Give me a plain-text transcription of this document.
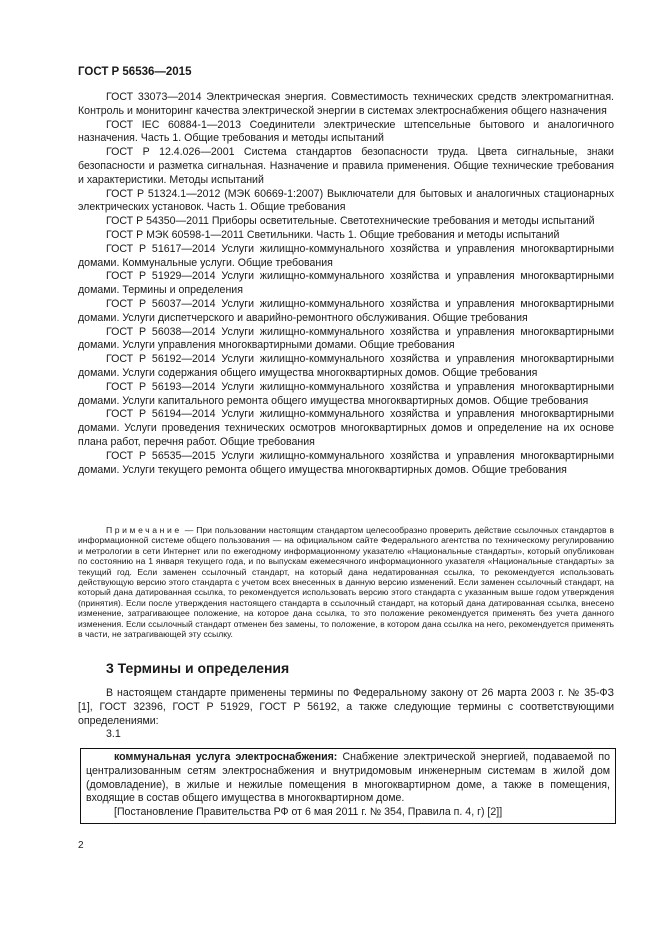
ГОСТ Р 56536—2015

ГОСТ 33073—2014 Электрическая энергия. Совместимость технических средств электромагнитная. Контроль и мониторинг качества электрической энергии в системах электроснабжения общего назначения

ГОСТ IEC 60884-1—2013 Соединители электрические штепсельные бытового и аналогичного назначения. Часть 1. Общие требования и методы испытаний

ГОСТ Р 12.4.026—2001 Система стандартов безопасности труда. Цвета сигнальные, знаки безопасности и разметка сигнальная. Назначение и правила применения. Общие технические требования и характеристики. Методы испытаний

ГОСТ Р 51324.1—2012 (МЭК 60669-1:2007) Выключатели для бытовых и аналогичных стационарных электрических установок. Часть 1. Общие требования

ГОСТ Р 54350—2011 Приборы осветительные. Светотехнические требования и методы испытаний

ГОСТ Р МЭК 60598-1—2011 Светильники. Часть 1. Общие требования и методы испытаний

ГОСТ Р 51617—2014 Услуги жилищно-коммунального хозяйства и управления многоквартирными домами. Коммунальные услуги. Общие требования

ГОСТ Р 51929—2014 Услуги жилищно-коммунального хозяйства и управления многоквартирными домами. Термины и определения

ГОСТ Р 56037—2014 Услуги жилищно-коммунального хозяйства и управления многоквартирными домами. Услуги диспетчерского и аварийно-ремонтного обслуживания. Общие требования

ГОСТ Р 56038—2014 Услуги жилищно-коммунального хозяйства и управления многоквартирными домами. Услуги управления многоквартирными домами. Общие требования

ГОСТ Р 56192—2014 Услуги жилищно-коммунального хозяйства и управления многоквартирными домами. Услуги содержания общего имущества многоквартирных домов. Общие требования

ГОСТ Р 56193—2014 Услуги жилищно-коммунального хозяйства и управления многоквартирными домами. Услуги капитального ремонта общего имущества многоквартирных домов. Общие требования

ГОСТ Р 56194—2014 Услуги жилищно-коммунального хозяйства и управления многоквартирными домами. Услуги проведения технических осмотров многоквартирных домов и определение на их основе плана работ, перечня работ. Общие требования

ГОСТ Р 56535—2015 Услуги жилищно-коммунального хозяйства и управления многоквартирными домами. Услуги текущего ремонта общего имущества многоквартирных домов. Общие требования

Примечание — При пользовании настоящим стандартом целесообразно проверить действие ссылочных стандартов в информационной системе общего пользования — на официальном сайте Федерального агентства по техническому регулированию и метрологии в сети Интернет или по ежегодному информационному указателю «Национальные стандарты», который опубликован по состоянию на 1 января текущего года, и по выпускам ежемесячного информационного указателя «Национальные стандарты» за текущий год. Если заменен ссылочный стандарт, на который дана недатированная ссылка, то рекомендуется использовать действующую версию этого стандарта с учетом всех внесенных в данную версию изменений. Если заменен ссылочный стандарт, на который дана датированная ссылка, то рекомендуется использовать версию этого стандарта с указанным выше годом утверждения (принятия). Если после утверждения настоящего стандарта в ссылочный стандарт, на который дана датированная ссылка, внесено изменение, затрагивающее положение, на которое дана ссылка, то это положение рекомендуется применять без учета данного изменения. Если ссылочный стандарт отменен без замены, то положение, в котором дана ссылка на него, рекомендуется применять в части, не затрагивающей эту ссылку.

3 Термины и определения

В настоящем стандарте применены термины по Федеральному закону от 26 марта 2003 г. № 35-ФЗ [1], ГОСТ 32396, ГОСТ Р 51929, ГОСТ Р 56192, а также следующие термины с соответствующими определениями:

3.1

коммунальная услуга электроснабжения: Снабжение электрической энергией, подаваемой по централизованным сетям электроснабжения и внутридомовым инженерным системам в жилой дом (домовладение), в жилые и нежилые помещения в многоквартирном доме, а также в помещения, входящие в состав общего имущества в многоквартирном доме.

[Постановление Правительства РФ от 6 мая 2011 г. № 354, Правила п. 4, г) [2]]

2
